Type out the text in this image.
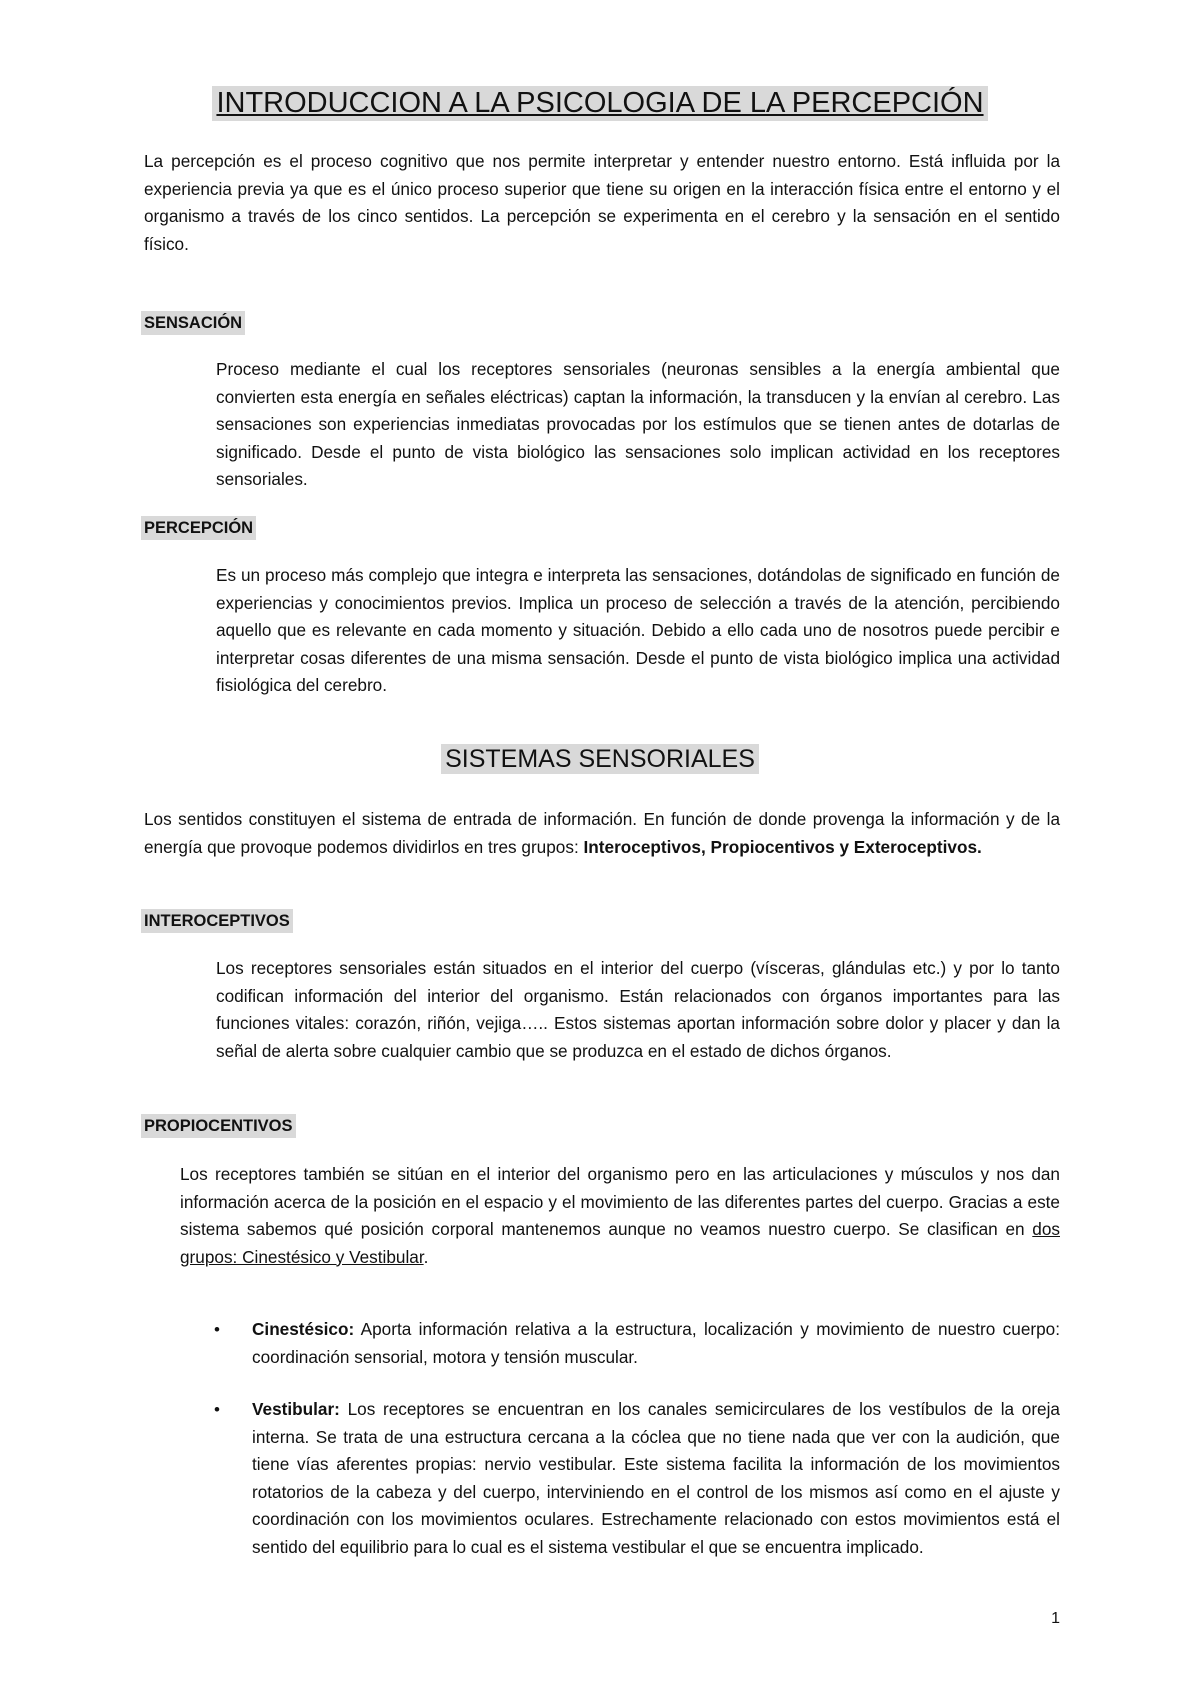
INTRODUCCION A LA PSICOLOGIA DE LA PERCEPCIÓN

La percepción es el proceso cognitivo que nos permite interpretar y entender nuestro entorno. Está influida por la experiencia previa ya que es el único proceso superior que tiene su origen en la interacción física entre el entorno y el organismo a través de los cinco sentidos. La percepción se experimenta en el cerebro y la sensación en el sentido físico.

SENSACIÓN

Proceso mediante el cual los receptores sensoriales (neuronas sensibles a la energía ambiental que convierten esta energía en señales eléctricas) captan la información, la transducen y la envían al cerebro. Las sensaciones son experiencias inmediatas provocadas por los estímulos que se tienen antes de dotarlas de significado. Desde el punto de vista biológico las sensaciones solo implican actividad en los receptores sensoriales.

PERCEPCIÓN

Es un proceso más complejo que integra e interpreta las sensaciones, dotándolas de significado en función de experiencias y conocimientos previos. Implica un proceso de selección a través de la atención, percibiendo aquello que es relevante en cada momento y situación. Debido a ello cada uno de nosotros puede percibir e interpretar cosas diferentes de una misma sensación. Desde el punto de vista biológico implica una actividad fisiológica del cerebro.

SISTEMAS SENSORIALES

Los sentidos constituyen el sistema de entrada de información. En función de donde provenga la información y de la energía que provoque podemos dividirlos en tres grupos: Interoceptivos, Propiocentivos y Exteroceptivos.

INTEROCEPTIVOS

Los receptores sensoriales están situados en el interior del cuerpo (vísceras, glándulas etc.) y por lo tanto codifican información del interior del organismo. Están relacionados con órganos importantes para las funciones vitales: corazón, riñón, vejiga….. Estos sistemas aportan información sobre dolor y placer y dan la señal de alerta sobre cualquier cambio que se produzca en el estado de dichos órganos.

PROPIOCENTIVOS

Los receptores también se sitúan en el interior del organismo pero en las articulaciones y músculos y nos dan información acerca de la posición en el espacio y el movimiento de las diferentes partes del cuerpo. Gracias a este sistema sabemos qué posición corporal mantenemos aunque no veamos nuestro cuerpo. Se clasifican en dos grupos: Cinestésico y Vestibular.

• Cinestésico: Aporta información relativa a la estructura, localización y movimiento de nuestro cuerpo: coordinación sensorial, motora y tensión muscular.
• Vestibular: Los receptores se encuentran en los canales semicirculares de los vestíbulos de la oreja interna. Se trata de una estructura cercana a la cóclea que no tiene nada que ver con la audición, que tiene vías aferentes propias: nervio vestibular. Este sistema facilita la información de los movimientos rotatorios de la cabeza y del cuerpo, interviniendo en el control de los mismos así como en el ajuste y coordinación con los movimientos oculares. Estrechamente relacionado con estos movimientos está el sentido del equilibrio para lo cual es el sistema vestibular el que se encuentra implicado.

1
